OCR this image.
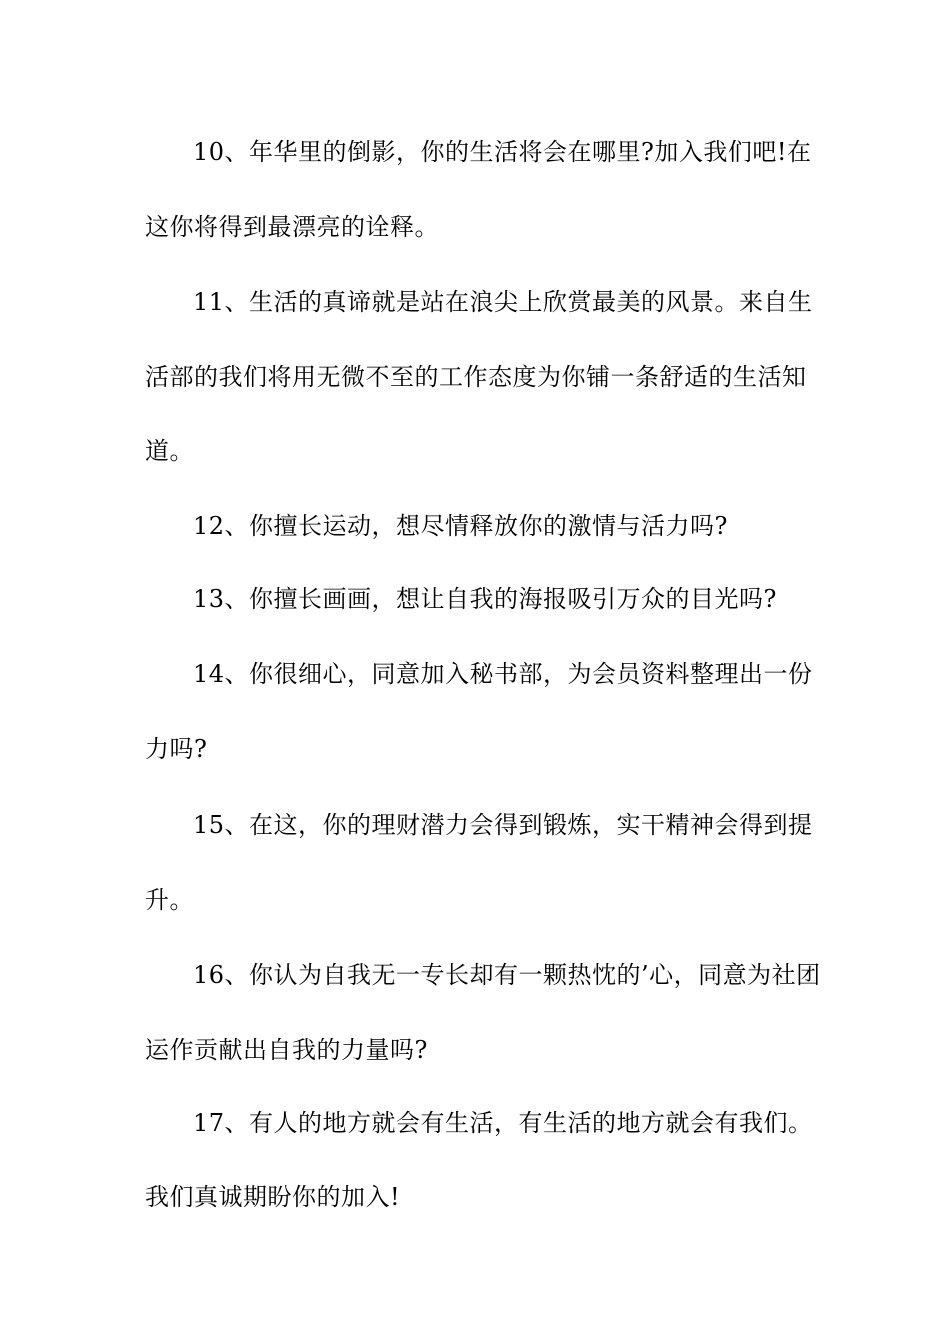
10、年华里的倒影，你的生活将会在哪里?加入我们吧!在
这你将得到最漂亮的诠释。
11、生活的真谛就是站在浪尖上欣赏最美的风景。来自生
活部的我们将用无微不至的工作态度为你铺一条舒适的生活知
道。
12、你擅长运动，想尽情释放你的激情与活力吗?
13、你擅长画画，想让自我的海报吸引万众的目光吗?
14、你很细心，同意加入秘书部，为会员资料整理出一份
力吗?
15、在这，你的理财潜力会得到锻炼，实干精神会得到提
升。
16、你认为自我无一专长却有一颗热忱的’心，同意为社团
运作贡献出自我的力量吗?
17、有人的地方就会有生活，有生活的地方就会有我们。
我们真诚期盼你的加入!
